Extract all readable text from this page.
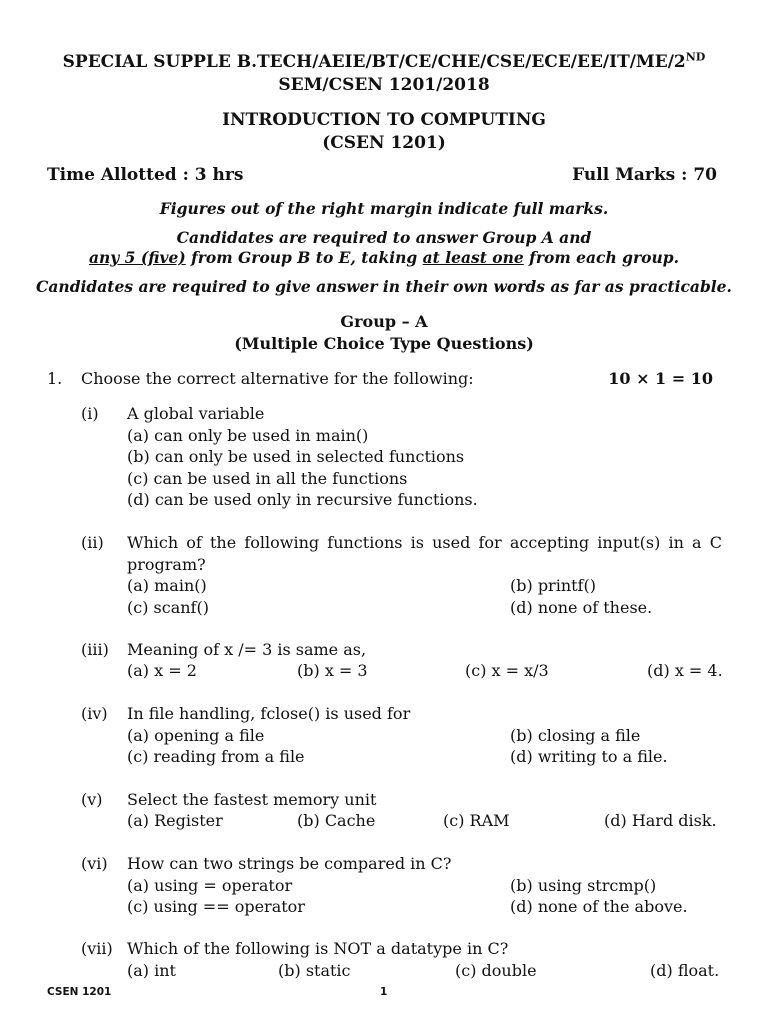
SPECIAL SUPPLE B.TECH/AEIE/BT/CE/CHE/CSE/ECE/EE/IT/ME/2ND
SEM/CSEN 1201/2018
INTRODUCTION TO COMPUTING
(CSEN 1201)
Time Allotted : 3 hrs	Full Marks : 70
Figures out of the right margin indicate full marks.
Candidates are required to answer Group A and
any 5 (five) from Group B to E, taking at least one from each group.
Candidates are required to give answer in their own words as far as practicable.
Group – A
(Multiple Choice Type Questions)
1. Choose the correct alternative for the following:	10 × 1 = 10
(i) A global variable
(a) can only be used in main()
(b) can only be used in selected functions
(c) can be used in all the functions
(d) can be used only in recursive functions.
(ii) Which of the following functions is used for accepting input(s) in a C
program?
(a) main()	(b) printf()
(c) scanf()	(d) none of these.
(iii) Meaning of x /= 3 is same as,
(a) x = 2	(b) x = 3	(c) x = x/3	(d) x = 4.
(iv) In file handling, fclose() is used for
(a) opening a file	(b) closing a file
(c) reading from a file	(d) writing to a file.
(v) Select the fastest memory unit
(a) Register	(b) Cache	(c) RAM	(d) Hard disk.
(vi) How can two strings be compared in C?
(a) using = operator	(b) using strcmp()
(c) using == operator	(d) none of the above.
(vii) Which of the following is NOT a datatype in C?
(a) int	(b) static	(c) double	(d) float.
CSEN 1201	1
